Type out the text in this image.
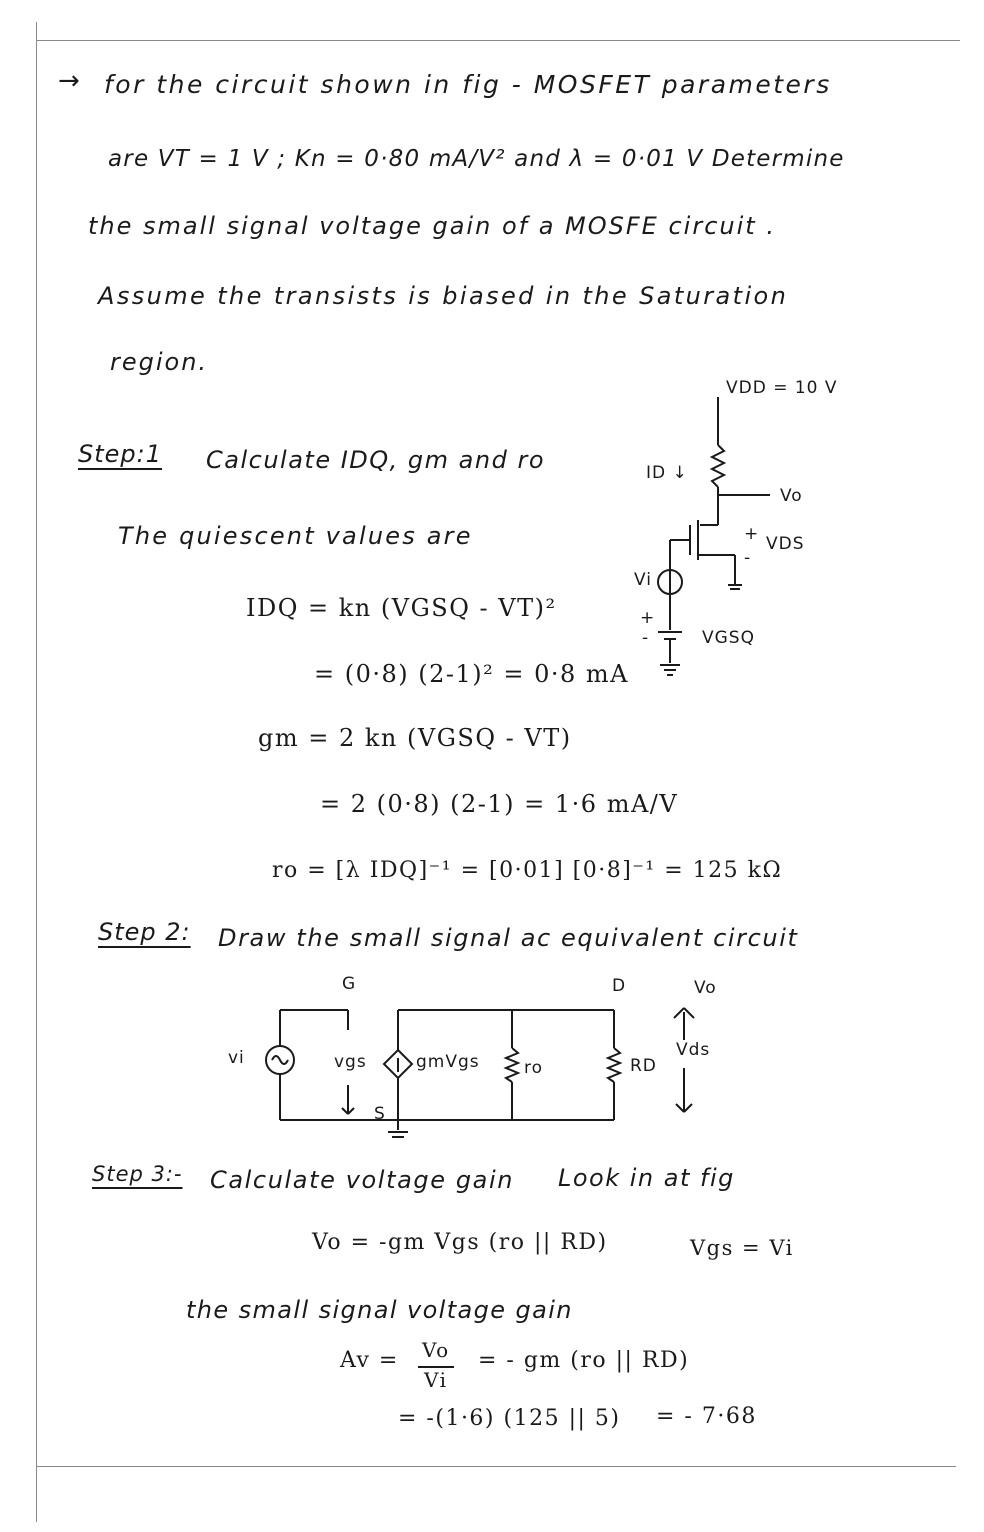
→ for the circuit shown in fig - MOSFET parameters
are VT = 1 V ; Kn = 0·80 mA/V² and λ = 0·01 V Determine
the small signal voltage gain of a MOSFE circuit .
Assume the transists is biased in the Saturation
region.
VDD = 10 V
ID ↓
Vo
+ VDS
-
Vi
+
-	VGSQ
Step:1 Calculate IDQ, gm and ro
The quiescent values are
IDQ = kn (VGSQ - VT)²
= (0·8) (2-1)² = 0·8 mA
gm = 2 kn (VGSQ - VT)
= 2 (0·8) (2-1) = 1·6 mA/V
ro = [λ IDQ]⁻¹ = [0·01] [0·8]⁻¹ = 125 kΩ
Step 2: Draw the small signal ac equivalent circuit
G	D	Vo
vi	vgs	gmVgs	ro	RD
Vds
S
Step 3:- Calculate voltage gain Look in at fig
Vo = -gm Vgs (ro || RD)	Vgs = Vi
the small signal voltage gain
Av = Vo
Vi
= - gm (ro || RD)
= -(1·6) (125 || 5) = - 7·68
